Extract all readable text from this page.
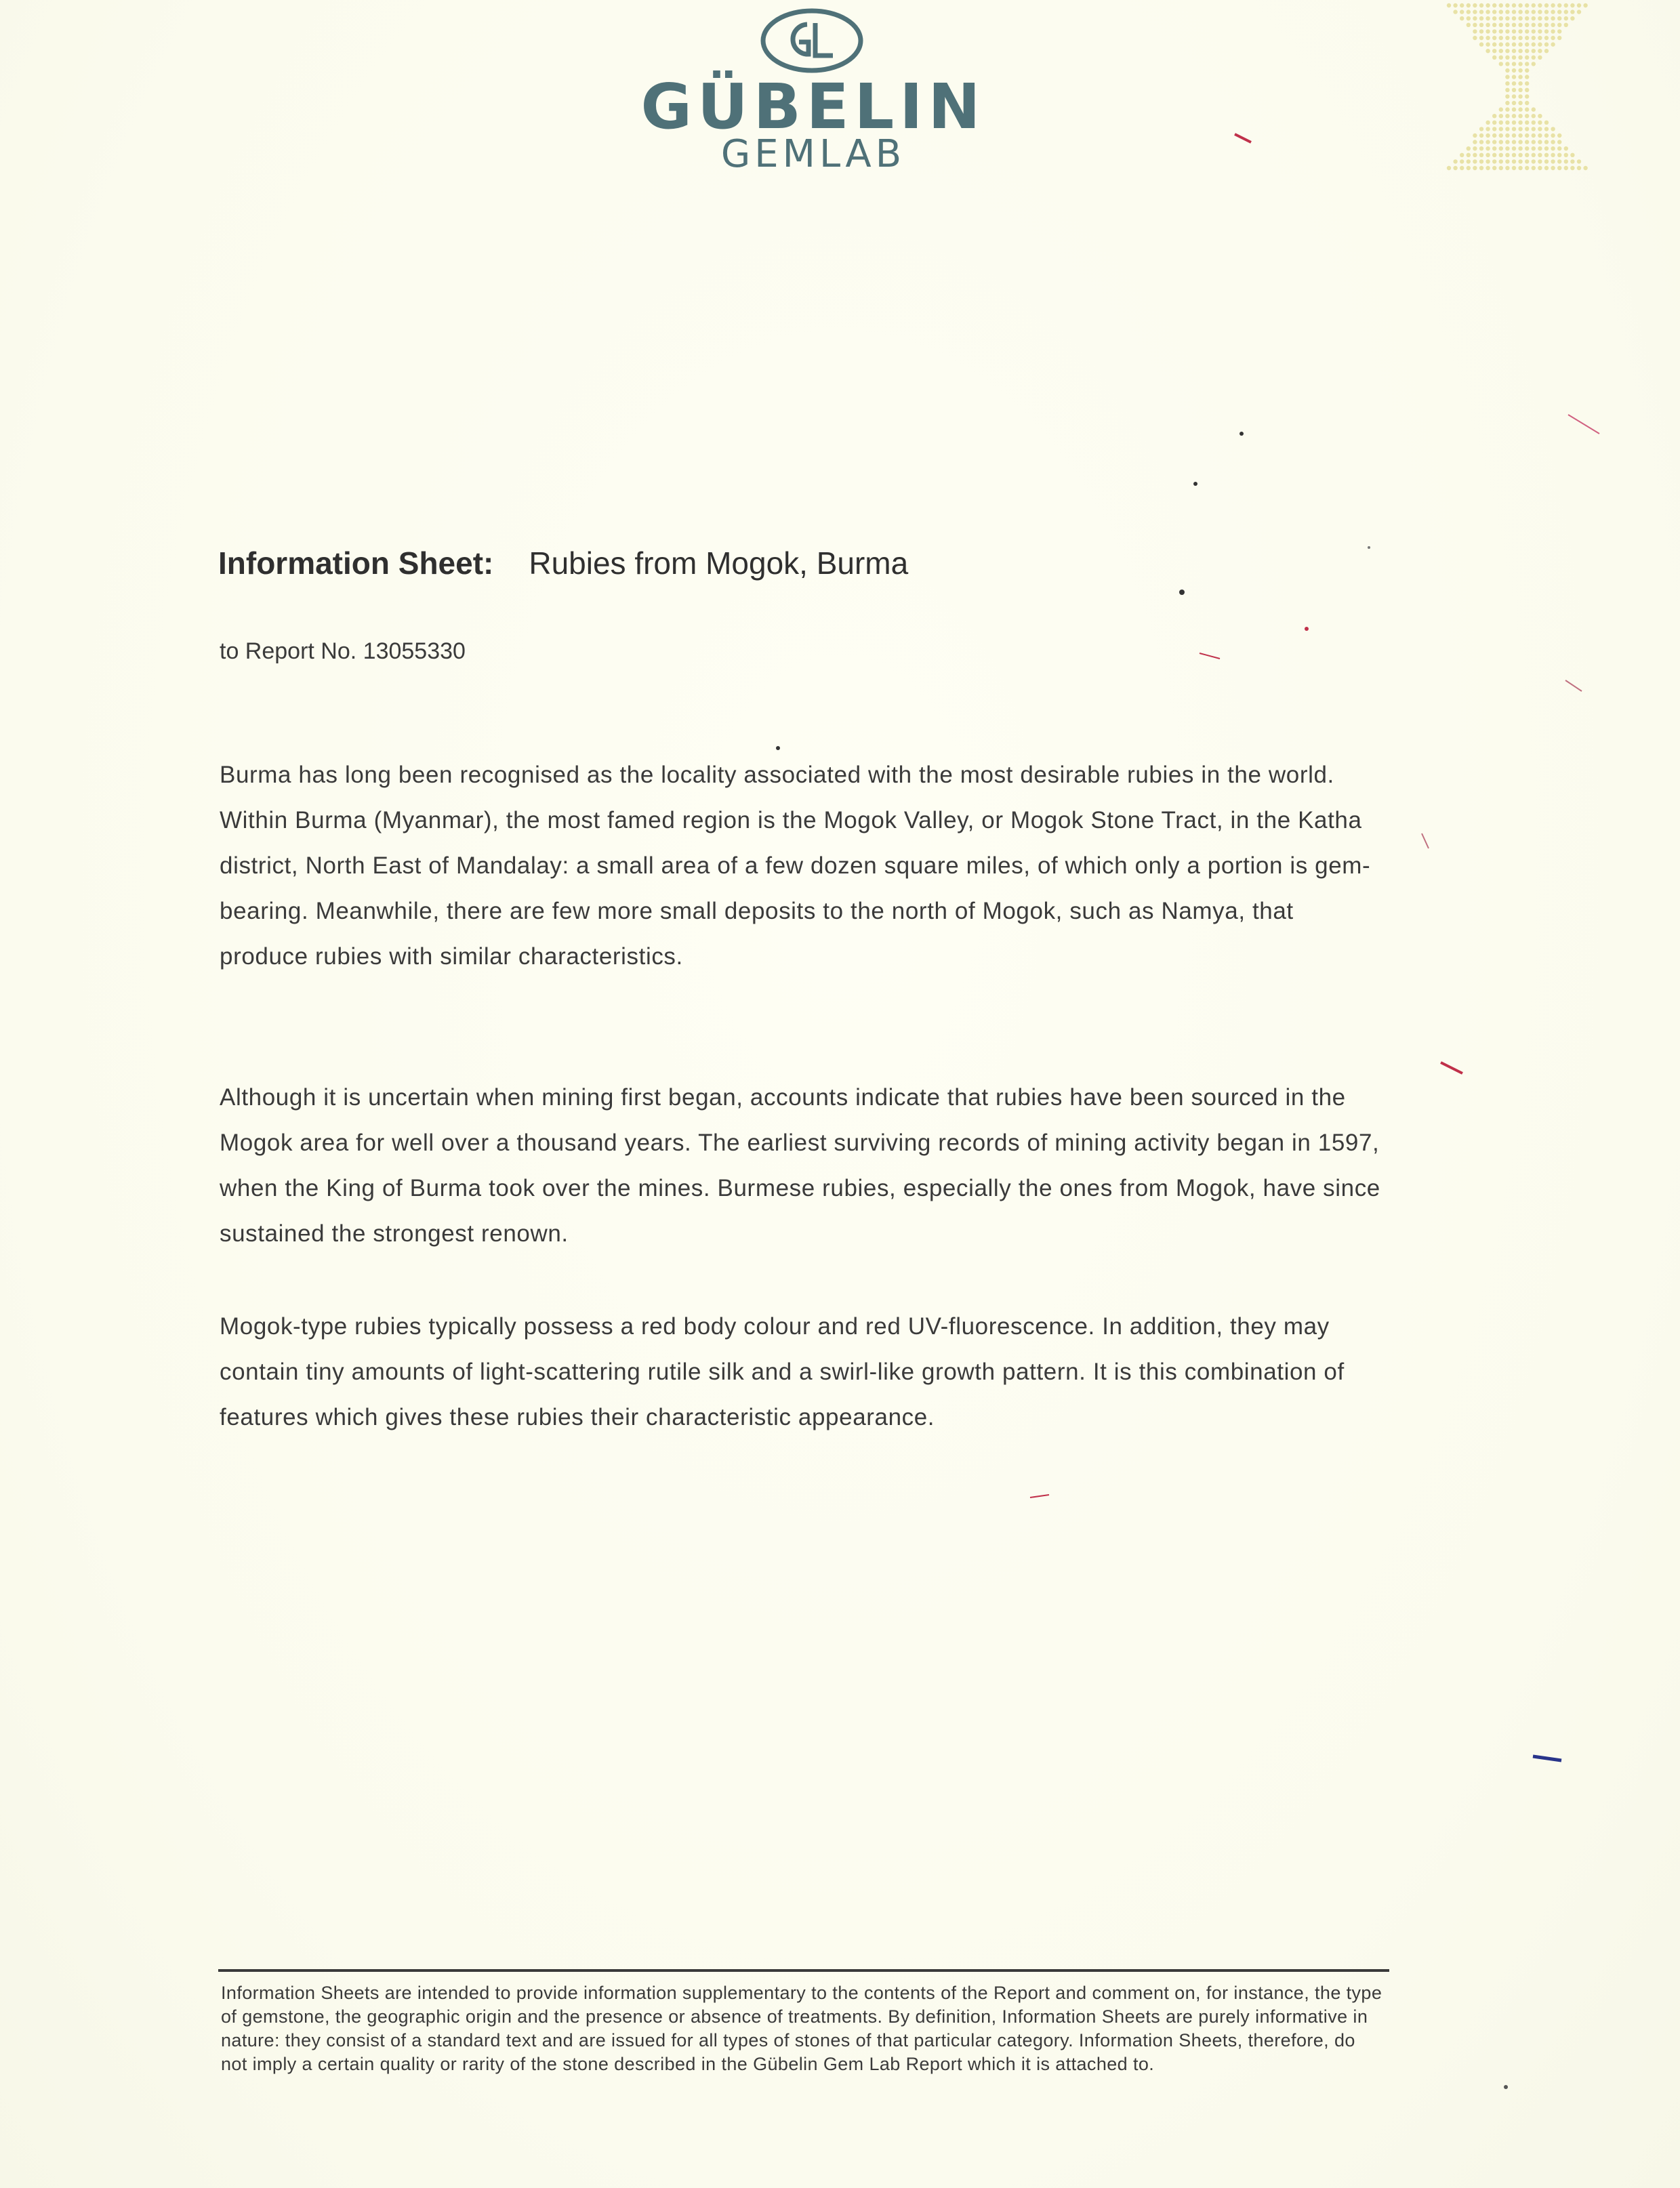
GÜBELIN
GEMLAB
Information Sheet: Rubies from Mogok, Burma
to Report No. 13055330

Burma has long been recognised as the locality associated with the most desirable rubies in the world. Within Burma (Myanmar), the most famed region is the Mogok Valley, or Mogok Stone Tract, in the Katha district, North East of Mandalay: a small area of a few dozen square miles, of which only a portion is gem-bearing. Meanwhile, there are few more small deposits to the north of Mogok, such as Namya, that produce rubies with similar characteristics.

Although it is uncertain when mining first began, accounts indicate that rubies have been sourced in the Mogok area for well over a thousand years. The earliest surviving records of mining activity began in 1597, when the King of Burma took over the mines. Burmese rubies, especially the ones from Mogok, have since sustained the strongest renown.

Mogok-type rubies typically possess a red body colour and red UV-fluorescence. In addition, they may contain tiny amounts of light-scattering rutile silk and a swirl-like growth pattern. It is this combination of features which gives these rubies their characteristic appearance.

Information Sheets are intended to provide information supplementary to the contents of the Report and comment on, for instance, the type of gemstone, the geographic origin and the presence or absence of treatments. By definition, Information Sheets are purely informative in nature: they consist of a standard text and are issued for all types of stones of that particular category. Information Sheets, therefore, do not imply a certain quality or rarity of the stone described in the Gübelin Gem Lab Report which it is attached to.
